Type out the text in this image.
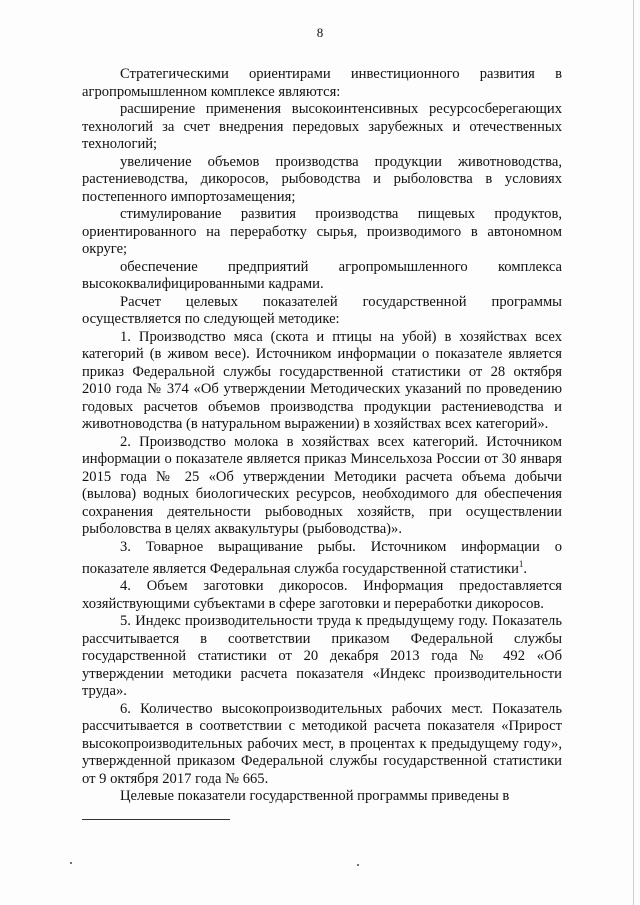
8

Стратегическими ориентирами инвестиционного развития в агропромышленном комплексе являются:

расширение применения высокоинтенсивных ресурсосберегающих технологий за счет внедрения передовых зарубежных и отечественных технологий;

увеличение объемов производства продукции животноводства, растениеводства, дикоросов, рыбоводства и рыболовства в условиях постепенного импортозамещения;

стимулирование развития производства пищевых продуктов, ориентированного на переработку сырья, производимого в автономном округе;

обеспечение предприятий агропромышленного комплекса высококвалифицированными кадрами.

Расчет целевых показателей государственной программы осуществляется по следующей методике:

1. Производство мяса (скота и птицы на убой) в хозяйствах всех категорий (в живом весе). Источником информации о показателе является приказ Федеральной службы государственной статистики от 28 октября 2010 года № 374 «Об утверждении Методических указаний по проведению годовых расчетов объемов производства продукции растениеводства и животноводства (в натуральном выражении) в хозяйствах всех категорий».

2. Производство молока в хозяйствах всех категорий. Источником информации о показателе является приказ Минсельхоза России от 30 января 2015 года № 25 «Об утверждении Методики расчета объема добычи (вылова) водных биологических ресурсов, необходимого для обеспечения сохранения деятельности рыбоводных хозяйств, при осуществлении рыболовства в целях аквакультуры (рыбоводства)».

3. Товарное выращивание рыбы. Источником информации о показателе является Федеральная служба государственной статистики$^1$.

4. Объем заготовки дикоросов. Информация предоставляется хозяйствующими субъектами в сфере заготовки и переработки дикоросов.

5. Индекс производительности труда к предыдущему году. Показатель рассчитывается в соответствии приказом Федеральной службы государственной статистики от 20 декабря 2013 года № 492 «Об утверждении методики расчета показателя «Индекс производительности труда».

6. Количество высокопроизводительных рабочих мест. Показатель рассчитывается в соответствии с методикой расчета показателя «Прирост высокопроизводительных рабочих мест, в процентах к предыдущему году», утвержденной приказом Федеральной службы государственной статистики от 9 октября 2017 года № 665.

Целевые показатели государственной программы приведены в
